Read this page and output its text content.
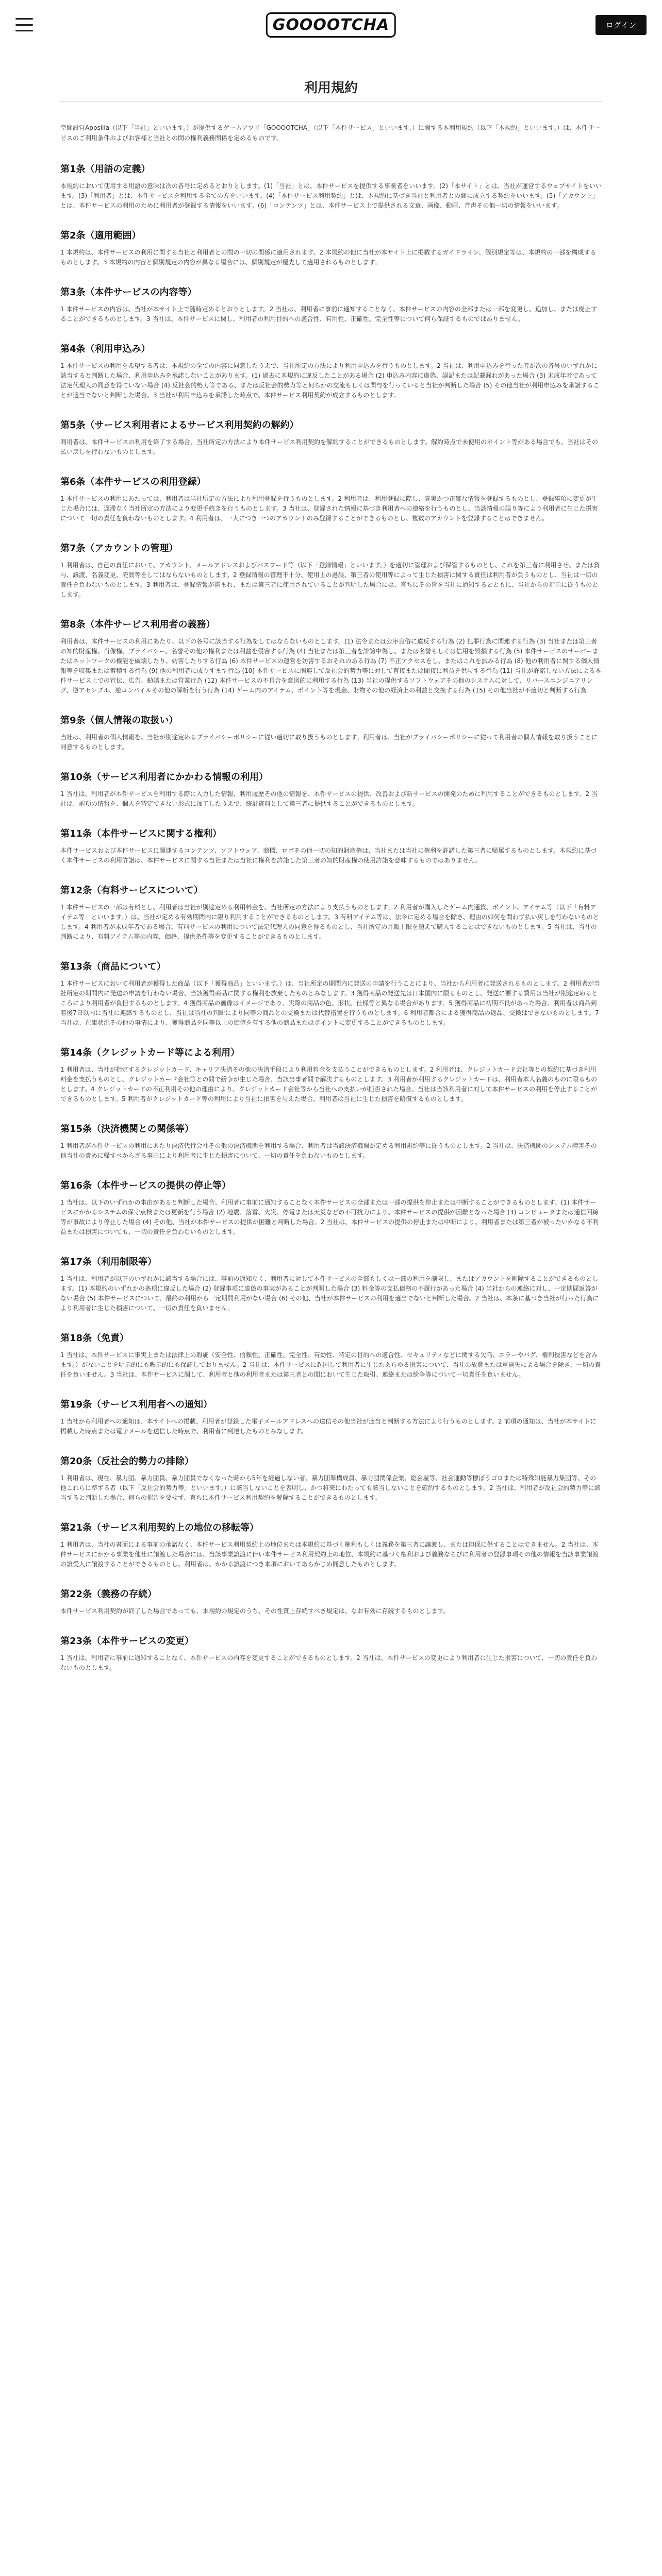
GOOOOTCHA	ログイン
利用規約

空間設営Appsiiia（以下「当社」といいます。）が提供するゲームアプリ「GOOOOTCHA」（以下「本件サービス」といいます。）に関する本利用規約（以下「本規約」といいます。）は、本件サービスのご利用条件およびお客様と当社との間の権利義務関係を定めるものです。

第1条（用語の定義）

本規約において使用する用語の意味は次の各号に定めるとおりとします。(1)「当社」とは、本件サービスを提供する事業者をいいます。(2)「本サイト」とは、当社が運営するウェブサイトをいいます。(3)「利用者」とは、本件サービスを利用する全ての方をいいます。(4)「本件サービス利用契約」とは、本規約に基づき当社と利用者との間に成立する契約をいいます。(5)「アカウント」とは、本件サービスの利用のために利用者が登録する情報をいいます。(6)「コンテンツ」とは、本件サービス上で提供される文章、画像、動画、音声その他一切の情報をいいます。

第2条（適用範囲）

1 本規約は、本件サービスの利用に関する当社と利用者との間の一切の関係に適用されます。2 本規約の他に当社が本サイト上に掲載するガイドライン、個別規定等は、本規約の一部を構成するものとします。3 本規約の内容と個別規定の内容が異なる場合には、個別規定が優先して適用されるものとします。

第3条（本件サービスの内容等）

1 本件サービスの内容は、当社が本サイト上で随時定めるとおりとします。2 当社は、利用者に事前に通知することなく、本件サービスの内容の全部または一部を変更し、追加し、または廃止することができるものとします。3 当社は、本件サービスに関し、利用者の利用目的への適合性、有用性、正確性、完全性等について何ら保証するものではありません。

第4条（利用申込み）

1 本件サービスの利用を希望する者は、本規約の全ての内容に同意したうえで、当社所定の方法により利用申込みを行うものとします。2 当社は、利用申込みを行った者が次の各号のいずれかに該当すると判断した場合、利用申込みを承諾しないことがあります。(1) 過去に本規約に違反したことがある場合 (2) 申込み内容に虚偽、誤記または記載漏れがあった場合 (3) 未成年者であって法定代理人の同意を得ていない場合 (4) 反社会的勢力等である、または反社会的勢力等と何らかの交流もしくは関与を行っていると当社が判断した場合 (5) その他当社が利用申込みを承諾することが適当でないと判断した場合。3 当社が利用申込みを承諾した時点で、本件サービス利用契約が成立するものとします。

第5条（サービス利用者によるサービス利用契約の解約）

利用者は、本件サービスの利用を終了する場合、当社所定の方法により本件サービス利用契約を解約することができるものとします。解約時点で未使用のポイント等がある場合でも、当社はその払い戻しを行わないものとします。

第6条（本件サービスの利用登録）

1 本件サービスの利用にあたっては、利用者は当社所定の方法により利用登録を行うものとします。2 利用者は、利用登録に際し、真実かつ正確な情報を登録するものとし、登録事項に変更が生じた場合には、遅滞なく当社所定の方法により変更手続きを行うものとします。3 当社は、登録された情報に基づき利用者への連絡を行うものとし、当該情報の誤り等により利用者に生じた損害について一切の責任を負わないものとします。4 利用者は、一人につき一つのアカウントのみ登録することができるものとし、複数のアカウントを登録することはできません。

第7条（アカウントの管理）

1 利用者は、自己の責任において、アカウント、メールアドレスおよびパスワード等（以下「登録情報」といいます。）を適切に管理および保管するものとし、これを第三者に利用させ、または貸与、譲渡、名義変更、売買等をしてはならないものとします。2 登録情報の管理不十分、使用上の過誤、第三者の使用等によって生じた損害に関する責任は利用者が負うものとし、当社は一切の責任を負わないものとします。3 利用者は、登録情報が盗まれ、または第三者に使用されていることが判明した場合には、直ちにその旨を当社に通知するとともに、当社からの指示に従うものとします。

第8条（本件サービス利用者の義務）

利用者は、本件サービスの利用にあたり、以下の各号に該当する行為をしてはならないものとします。(1) 法令または公序良俗に違反する行為 (2) 犯罪行為に関連する行為 (3) 当社または第三者の知的財産権、肖像権、プライバシー、名誉その他の権利または利益を侵害する行為 (4) 当社または第三者を誹謗中傷し、または名誉もしくは信用を毀損する行為 (5) 本件サービスのサーバーまたはネットワークの機能を破壊したり、妨害したりする行為 (6) 本件サービスの運営を妨害するおそれのある行為 (7) 不正アクセスをし、またはこれを試みる行為 (8) 他の利用者に関する個人情報等を収集または蓄積する行為 (9) 他の利用者に成りすます行為 (10) 本件サービスに関連して反社会的勢力等に対して直接または間接に利益を供与する行為 (11) 当社が許諾しない方法による本件サービス上での宣伝、広告、勧誘または営業行為 (12) 本件サービスの不具合を意図的に利用する行為 (13) 当社の提供するソフトウェアその他のシステムに対して、リバースエンジニアリング、逆アセンブル、逆コンパイルその他の解析を行う行為 (14) ゲーム内のアイテム、ポイント等を現金、財物その他の経済上の利益と交換する行為 (15) その他当社が不適切と判断する行為

第9条（個人情報の取扱い）

当社は、利用者の個人情報を、当社が別途定めるプライバシーポリシーに従い適切に取り扱うものとします。利用者は、当社がプライバシーポリシーに従って利用者の個人情報を取り扱うことに同意するものとします。

第10条（サービス利用者にかかわる情報の利用）

1 当社は、利用者が本件サービスを利用する際に入力した情報、利用履歴その他の情報を、本件サービスの提供、改善および新サービスの開発のために利用することができるものとします。2 当社は、前項の情報を、個人を特定できない形式に加工したうえで、統計資料として第三者に提供することができるものとします。

第11条（本件サービスに関する権利）

本件サービスおよび本件サービスに関連するコンテンツ、ソフトウェア、商標、ロゴその他一切の知的財産権は、当社または当社に権利を許諾した第三者に帰属するものとします。本規約に基づく本件サービスの利用許諾は、本件サービスに関する当社または当社に権利を許諾した第三者の知的財産権の使用許諾を意味するものではありません。

第12条（有料サービスについて）

1 本件サービスの一部は有料とし、利用者は当社が別途定める利用料金を、当社所定の方法により支払うものとします。2 利用者が購入したゲーム内通貨、ポイント、アイテム等（以下「有料アイテム等」といいます。）は、当社が定める有効期間内に限り利用することができるものとします。3 有料アイテム等は、法令に定める場合を除き、理由の如何を問わず払い戻しを行わないものとします。4 利用者が未成年者である場合、有料サービスの利用について法定代理人の同意を得るものとし、当社所定の月額上限を超えて購入することはできないものとします。5 当社は、当社の判断により、有料アイテム等の内容、価格、提供条件等を変更することができるものとします。

第13条（商品について）

1 本件サービスにおいて利用者が獲得した商品（以下「獲得商品」といいます。）は、当社所定の期間内に発送の申請を行うことにより、当社から利用者に発送されるものとします。2 利用者が当社所定の期間内に発送の申請を行わない場合、当該獲得商品に関する権利を放棄したものとみなします。3 獲得商品の発送先は日本国内に限るものとし、発送に要する費用は当社が別途定めるところにより利用者が負担するものとします。4 獲得商品の画像はイメージであり、実際の商品の色、形状、仕様等と異なる場合があります。5 獲得商品に初期不良があった場合、利用者は商品到着後7日以内に当社に連絡するものとし、当社は当社の判断により同等の商品との交換または代替措置を行うものとします。6 利用者都合による獲得商品の返品、交換はできないものとします。7 当社は、在庫状況その他の事情により、獲得商品を同等以上の価値を有する他の商品またはポイントに変更することができるものとします。

第14条（クレジットカード等による利用）

1 利用者は、当社が指定するクレジットカード、キャリア決済その他の決済手段により利用料金を支払うことができるものとします。2 利用者は、クレジットカード会社等との契約に基づき利用料金を支払うものとし、クレジットカード会社等との間で紛争が生じた場合、当該当事者間で解決するものとします。3 利用者が利用するクレジットカードは、利用者本人名義のものに限るものとします。4 クレジットカードの不正利用その他の理由により、クレジットカード会社等から当社への支払いが拒否された場合、当社は当該利用者に対して本件サービスの利用を停止することができるものとします。5 利用者がクレジットカード等の利用により当社に損害を与えた場合、利用者は当社に生じた損害を賠償するものとします。

第15条（決済機関との関係等）

1 利用者が本件サービスの利用にあたり決済代行会社その他の決済機関を利用する場合、利用者は当該決済機関が定める利用規約等に従うものとします。2 当社は、決済機関のシステム障害その他当社の責めに帰すべからざる事由により利用者に生じた損害について、一切の責任を負わないものとします。

第16条（本件サービスの提供の停止等）

1 当社は、以下のいずれかの事由があると判断した場合、利用者に事前に通知することなく本件サービスの全部または一部の提供を停止または中断することができるものとします。(1) 本件サービスにかかるシステムの保守点検または更新を行う場合 (2) 地震、落雷、火災、停電または天災などの不可抗力により、本件サービスの提供が困難となった場合 (3) コンピュータまたは通信回線等が事故により停止した場合 (4) その他、当社が本件サービスの提供が困難と判断した場合。2 当社は、本件サービスの提供の停止または中断により、利用者または第三者が被ったいかなる不利益または損害についても、一切の責任を負わないものとします。

第17条（利用制限等）

1 当社は、利用者が以下のいずれかに該当する場合には、事前の通知なく、利用者に対して本件サービスの全部もしくは一部の利用を制限し、またはアカウントを削除することができるものとします。(1) 本規約のいずれかの条項に違反した場合 (2) 登録事項に虚偽の事実があることが判明した場合 (3) 料金等の支払債務の不履行があった場合 (4) 当社からの連絡に対し、一定期間返答がない場合 (5) 本件サービスについて、最終の利用から一定期間利用がない場合 (6) その他、当社が本件サービスの利用を適当でないと判断した場合。2 当社は、本条に基づき当社が行った行為により利用者に生じた損害について、一切の責任を負いません。

第18条（免責）

1 当社は、本件サービスに事実上または法律上の瑕疵（安全性、信頼性、正確性、完全性、有効性、特定の目的への適合性、セキュリティなどに関する欠陥、エラーやバグ、権利侵害などを含みます。）がないことを明示的にも黙示的にも保証しておりません。2 当社は、本件サービスに起因して利用者に生じたあらゆる損害について、当社の故意または重過失による場合を除き、一切の責任を負いません。3 当社は、本件サービスに関して、利用者と他の利用者または第三者との間において生じた取引、連絡または紛争等について一切責任を負いません。

第19条（サービス利用者への通知）

1 当社から利用者への通知は、本サイトへの掲載、利用者が登録した電子メールアドレスへの送信その他当社が適当と判断する方法により行うものとします。2 前項の通知は、当社が本サイトに掲載した時点または電子メールを送信した時点で、利用者に到達したものとみなします。

第20条（反社会的勢力の排除）

1 利用者は、現在、暴力団、暴力団員、暴力団員でなくなった時から5年を経過しない者、暴力団準構成員、暴力団関係企業、総会屋等、社会運動等標ぼうゴロまたは特殊知能暴力集団等、その他これらに準ずる者（以下「反社会的勢力等」といいます。）に該当しないことを表明し、かつ将来にわたっても該当しないことを確約するものとします。2 当社は、利用者が反社会的勢力等に該当すると判断した場合、何らの催告を要せず、直ちに本件サービス利用契約を解除することができるものとします。

第21条（サービス利用契約上の地位の移転等）

1 利用者は、当社の書面による事前の承諾なく、本件サービス利用契約上の地位または本規約に基づく権利もしくは義務を第三者に譲渡し、または担保に供することはできません。2 当社は、本件サービスにかかる事業を他社に譲渡した場合には、当該事業譲渡に伴い本件サービス利用契約上の地位、本規約に基づく権利および義務ならびに利用者の登録事項その他の情報を当該事業譲渡の譲受人に譲渡することができるものとし、利用者は、かかる譲渡につき本項においてあらかじめ同意したものとします。

第22条（義務の存続）

本件サービス利用契約が終了した場合であっても、本規約の規定のうち、その性質上存続すべき規定は、なお有効に存続するものとします。

第23条（本件サービスの変更）

1 当社は、利用者に事前に通知することなく、本件サービスの内容を変更することができるものとします。2 当社は、本件サービスの変更により利用者に生じた損害について、一切の責任を負わないものとします。
